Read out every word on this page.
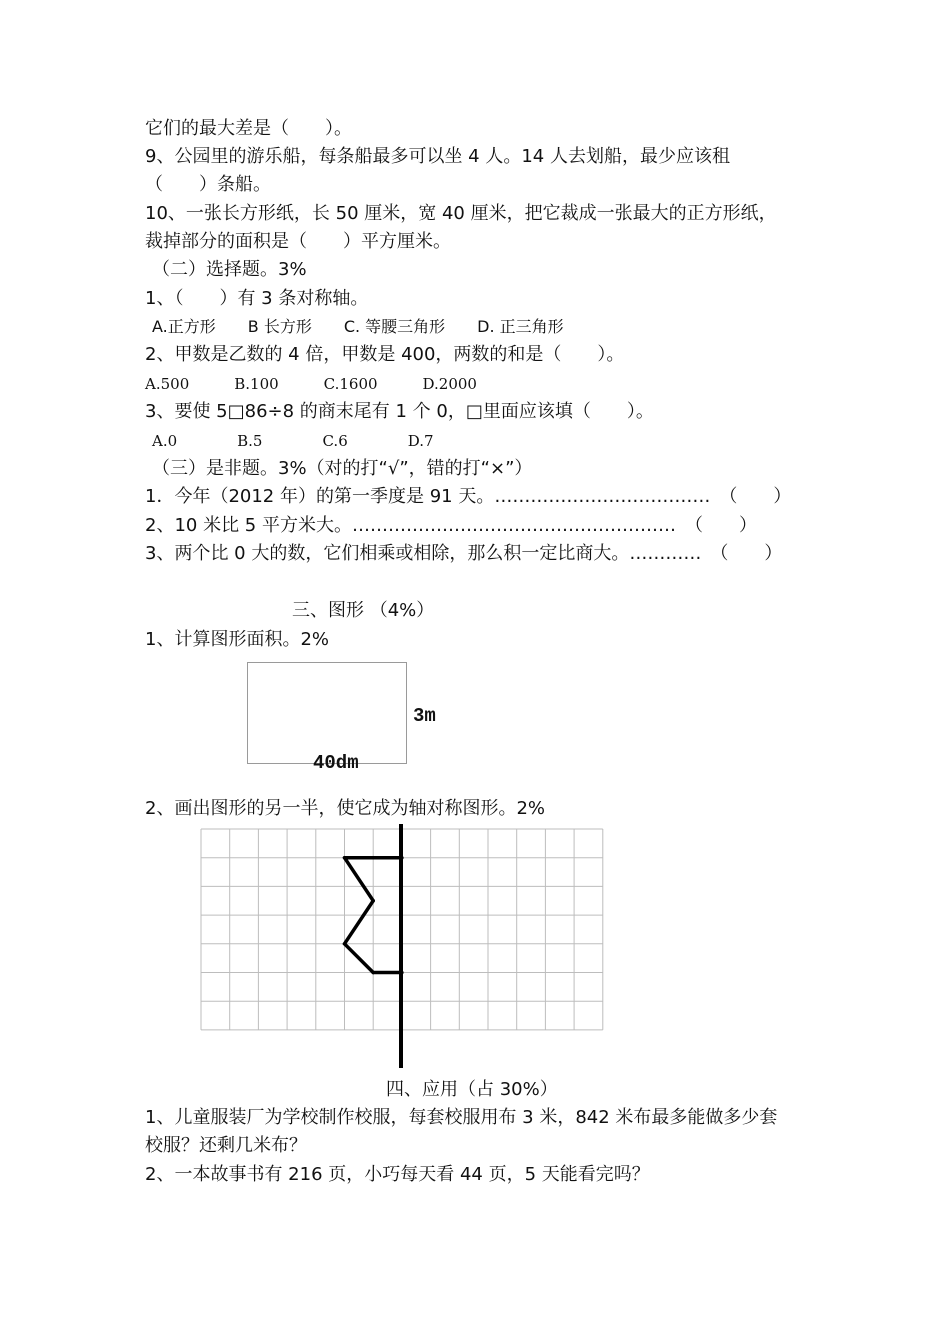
它们的最大差是（　　）。
9、公园里的游乐船，每条船最多可以坐 4 人。14 人去划船，最少应该租
（　　）条船。
10、一张长方形纸，长 50 厘米，宽 40 厘米，把它裁成一张最大的正方形纸，
裁掉部分的面积是（　　）平方厘米。
（二）选择题。3%
1、（　　）有 3 条对称轴。
A.正方形　　B 长方形　　C. 等腰三角形　　D. 正三角形
2、甲数是乙数的 4 倍，甲数是 400，两数的和是（　　）。
A.500　　　B.100　　　C.1600　　　D.2000
3、要使 5□86÷8 的商末尾有 1 个 0，□里面应该填（　　）。
A.0　　　　B.5　　　　C.6　　　　D.7
（三）是非题。3%（对的打“√”，错的打“×”）
1．今年（2012 年）的第一季度是 91 天。………………………………　（　　）
2、10 米比 5 平方米大。………………………………………………　（　　）
3、两个比 0 大的数，它们相乘或相除，那么积一定比商大。…………　（　　）
三、图形 （4%）
1、计算图形面积。2%
3m
40dm
2、画出图形的另一半，使它成为轴对称图形。2%
四、应用（占 30%）
1、儿童服装厂为学校制作校服，每套校服用布 3 米，842 米布最多能做多少套
校服？还剩几米布？
2、一本故事书有 216 页，小巧每天看 44 页，5 天能看完吗？
